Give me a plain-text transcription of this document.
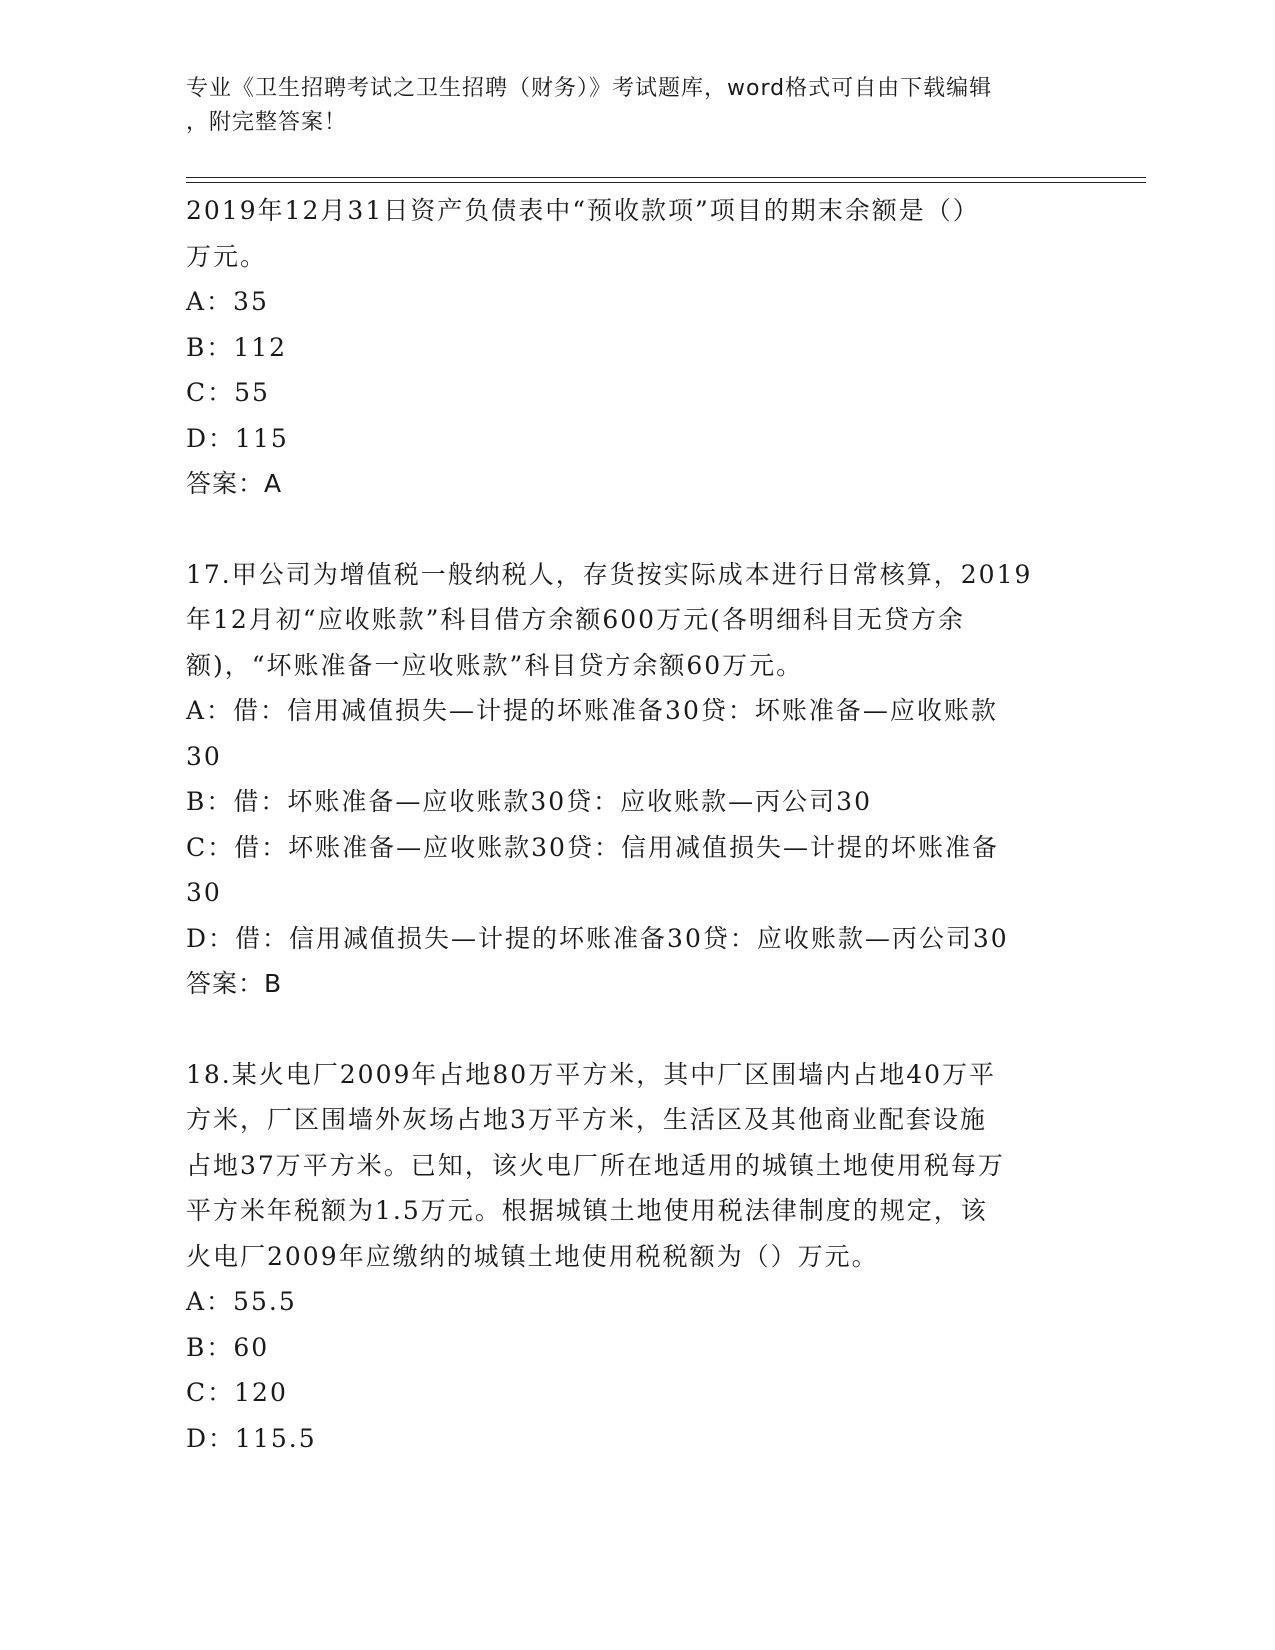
专业《卫生招聘考试之卫生招聘（财务）》考试题库，word格式可自由下载编辑
，附完整答案！
2019年12月31日资产负债表中“预收款项”项目的期末余额是（）
万元。
A：35
B：112
C：55
D：115
答案：A
17.甲公司为增值税一般纳税人，存货按实际成本进行日常核算，2019
年12月初“应收账款”科目借方余额600万元(各明细科目无贷方余
额)，“坏账准备一应收账款”科目贷方余额60万元。
A：借：信用减值损失—计提的坏账准备30贷：坏账准备—应收账款
30
B：借：坏账准备—应收账款30贷：应收账款—丙公司30
C：借：坏账准备—应收账款30贷：信用减值损失—计提的坏账准备
30
D：借：信用减值损失—计提的坏账准备30贷：应收账款—丙公司30
答案：B
18.某火电厂2009年占地80万平方米，其中厂区围墙内占地40万平
方米，厂区围墙外灰场占地3万平方米，生活区及其他商业配套设施
占地37万平方米。已知，该火电厂所在地适用的城镇土地使用税每万
平方米年税额为1.5万元。根据城镇土地使用税法律制度的规定，该
火电厂2009年应缴纳的城镇土地使用税税额为（）万元。
A：55.5
B：60
C：120
D：115.5
